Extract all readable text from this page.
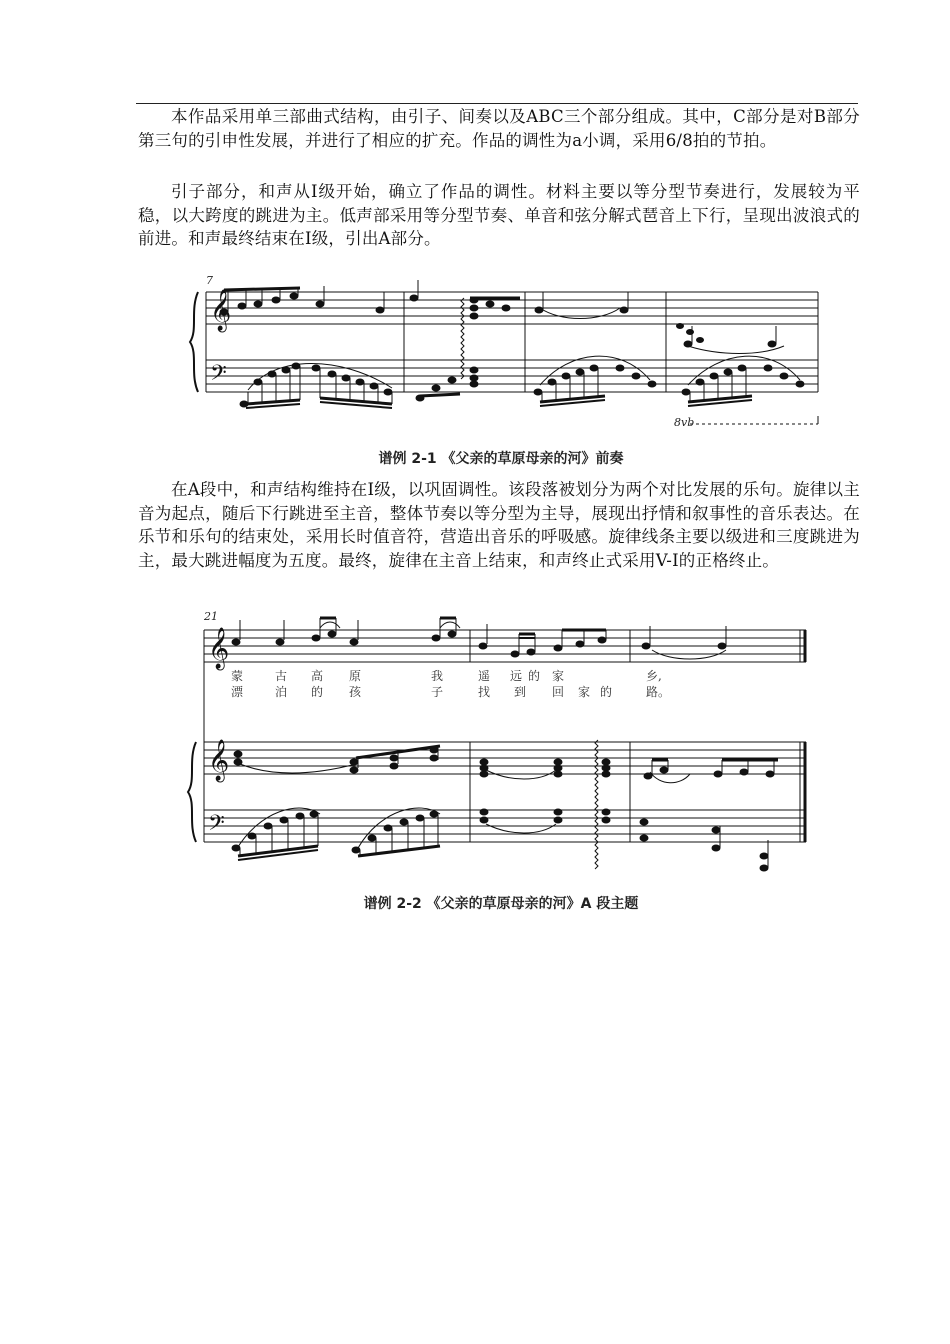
本作品采用单三部曲式结构，由引子、间奏以及ABC三个部分组成。其中，C部分是对B部分第三句的引申性发展，并进行了相应的扩充。作品的调性为a小调，采用6/8拍的节拍。

引子部分，和声从I级开始，确立了作品的调性。材料主要以等分型节奏进行，发展较为平稳，以大跨度的跳进为主。低声部采用等分型节奏、单音和弦分解式琶音上下行，呈现出波浪式的前进。和声最终结束在I级，引出A部分。

𝄞
𝄢
7
8vb
谱例 2-1 《父亲的草原母亲的河》前奏

在A段中，和声结构维持在I级，以巩固调性。该段落被划分为两个对比发展的乐句。旋律以主音为起点，随后下行跳进至主音，整体节奏以等分型为主导，展现出抒情和叙事性的音乐表达。在乐节和乐句的结束处，采用长时值音符，营造出音乐的呼吸感。旋律线条主要以级进和三度跳进为主，最大跳进幅度为五度。最终，旋律在主音上结束，和声终止式采用V-I的正格终止。

𝄞
𝄞
𝄢
21
蒙	古 高 原	我	遥 远 的 家	乡,
漂	泊 的 孩	子	找 到 回 家 的	路。
谱例 2-2 《父亲的草原母亲的河》A 段主题
